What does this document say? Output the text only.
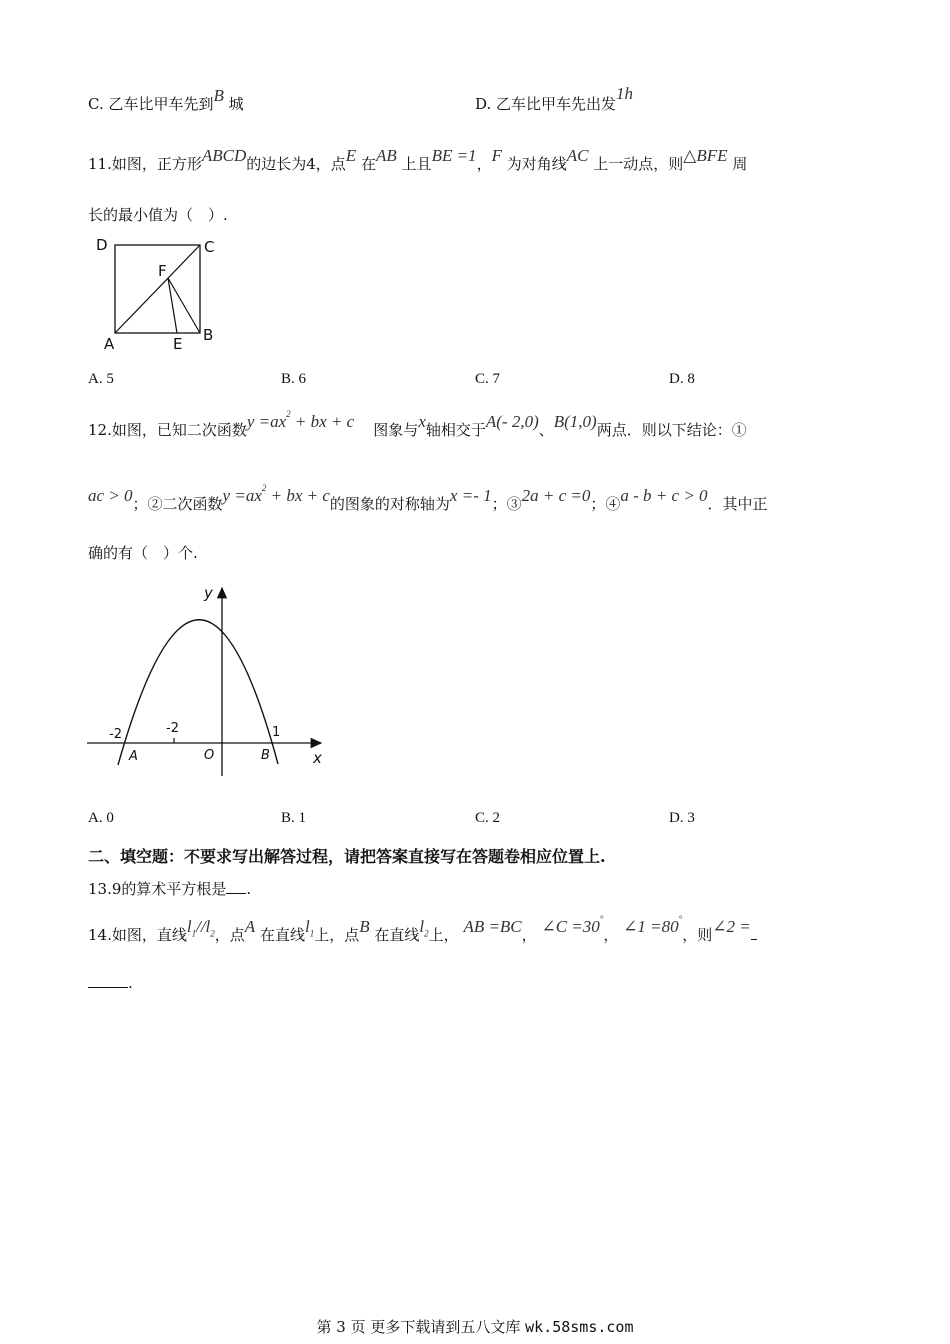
C. 乙车比甲车先到B 城	D. 乙车比甲车先出发1h
11.如图，正方形ABCD的边长为4，点E 在AB 上且BE =1，F 为对角线AC 上一动点，则△BFE 周
长的最小值为（　）.
D	C
F
A	E B
A. 5	B. 6	C. 7	D. 8
12.如图，已知二次函数$y =ax^2$ + bx + c 图象与x轴相交于A(- 2,0)、B(1,0)两点．则以下结论：①
ac > 0；②二次函数$y =ax^2$ + bx + c的图象的对称轴为x =- 1；③2a + c =0；④a - b + c > 0．其中正
确的有（　）个.
y
x
-2	-2	1
A	O	B
A. 0	B. 1	C. 2	D. 3
二、填空题：不要求写出解答过程，请把答案直接写在答题卷相应位置上.
13.9的算术平方根是 .
14.如图，直线$l_1//l_2$，点A 在直线$l_1$上，点B 在直线$l_2$上， AB =BC， ∠C =30°， ∠1 =80°，则∠2 =
.
第 3 页 更多下载请到五八文库 wk.58sms.com
